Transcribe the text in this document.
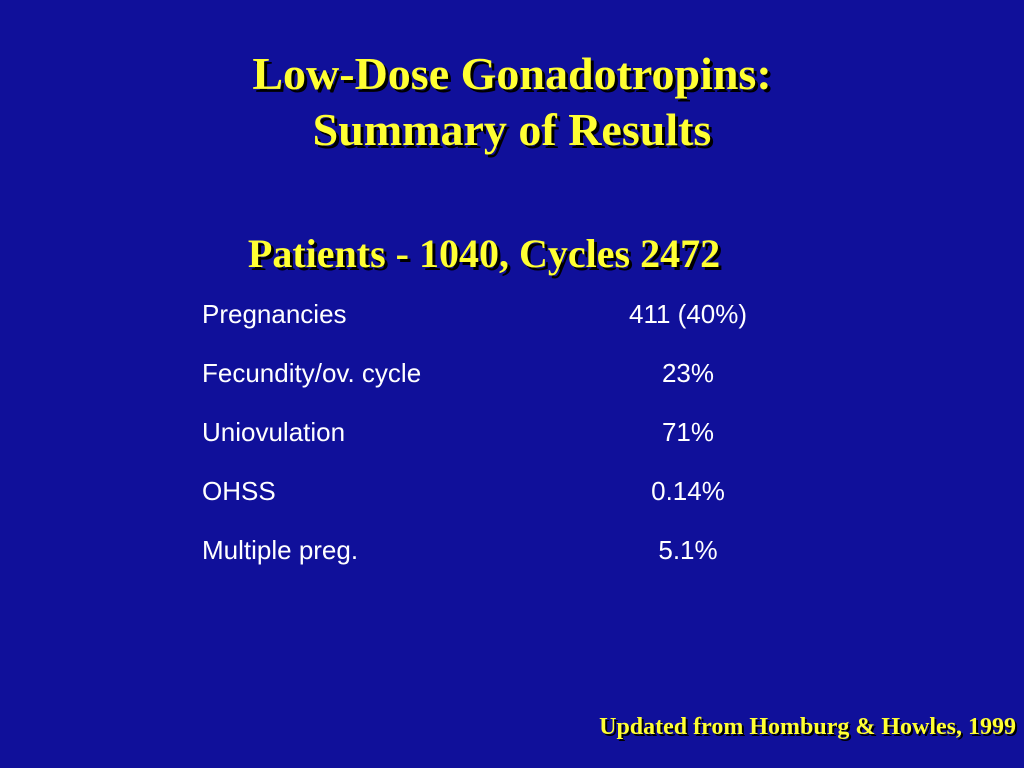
Low-Dose Gonadotropins:
Summary of Results
Patients - 1040, Cycles 2472
Pregnancies	411 (40%)
Fecundity/ov. cycle	23%
Uniovulation	71%
OHSS	0.14%
Multiple preg.	5.1%
Updated from Homburg & Howles, 1999
